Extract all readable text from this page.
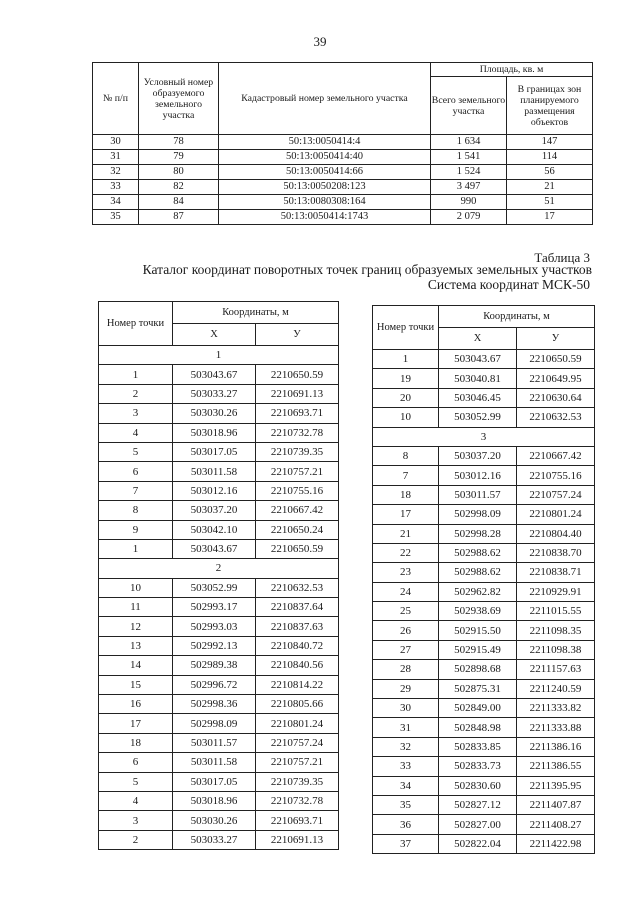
39
№ п/п	Условный номер образуемого земельного участка	Кадастровый номер земельного участка	Площадь, кв. м	
			Всего земельного участка	В границах зон планируемого размещения объектов
30	78	50:13:0050414:4	1 634	147
31	79	50:13:0050414:40	1 541	114
32	80	50:13:0050414:66	1 524	56
33	82	50:13:0050208:123	3 497	21
34	84	50:13:0080308:164	990	51
35	87	50:13:0050414:1743	2 079	17
Таблица 3
Каталог координат поворотных точек границ образуемых земельных участков
Система координат МСК-50
Номер точки	Координаты, м	
	X	У
1		
1	503043.67	2210650.59
2	503033.27	2210691.13
3	503030.26	2210693.71
4	503018.96	2210732.78
5	503017.05	2210739.35
6	503011.58	2210757.21
7	503012.16	2210755.16
8	503037.20	2210667.42
9	503042.10	2210650.24
1	503043.67	2210650.59
2		
10	503052.99	2210632.53
11	502993.17	2210837.64
12	502993.03	2210837.63
13	502992.13	2210840.72
14	502989.38	2210840.56
15	502996.72	2210814.22
16	502998.36	2210805.66
17	502998.09	2210801.24
18	503011.57	2210757.24
6	503011.58	2210757.21
5	503017.05	2210739.35
4	503018.96	2210732.78
3	503030.26	2210693.71
2	503033.27	2210691.13
Номер точки	Координаты, м	
	X	У
1	503043.67	2210650.59
19	503040.81	2210649.95
20	503046.45	2210630.64
10	503052.99	2210632.53
3		
8	503037.20	2210667.42
7	503012.16	2210755.16
18	503011.57	2210757.24
17	502998.09	2210801.24
21	502998.28	2210804.40
22	502988.62	2210838.70
23	502988.62	2210838.71
24	502962.82	2210929.91
25	502938.69	2211015.55
26	502915.50	2211098.35
27	502915.49	2211098.38
28	502898.68	2211157.63
29	502875.31	2211240.59
30	502849.00	2211333.82
31	502848.98	2211333.88
32	502833.85	2211386.16
33	502833.73	2211386.55
34	502830.60	2211395.95
35	502827.12	2211407.87
36	502827.00	2211408.27
37	502822.04	2211422.98
